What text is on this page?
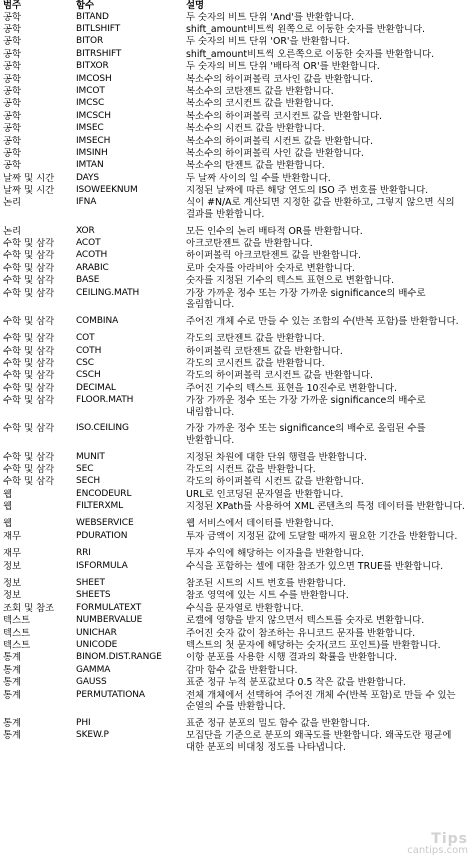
범주	함수	설명
공학	BITAND	두 숫자의 비트 단위 'And'를 반환합니다.
공학	BITLSHIFT	shift_amount비트씩 왼쪽으로 이동한 숫자를 반환합니다.
공학	BITOR	두 숫자의 비트 단위 'OR'을 반환합니다.
공학	BITRSHIFT	shift_amount비트씩 오른쪽으로 이동한 숫자를 반환합니다.
공학	BITXOR	두 숫자의 비트 단위 '배타적 OR'를 반환합니다.
공학	IMCOSH	복소수의 하이퍼볼릭 코사인 값을 반환합니다.
공학	IMCOT	복소수의 코탄젠트 값을 반환합니다.
공학	IMCSC	복소수의 코시컨트 값을 반환합니다.
공학	IMCSCH	복소수의 하이퍼볼릭 코시컨트 값을 반환합니다.
공학	IMSEC	복소수의 시컨트 값을 반환합니다.
공학	IMSECH	복소수의 하이퍼볼릭 시컨트 값을 반환합니다.
공학	IMSINH	복소수의 하이퍼볼릭 사인 값을 반환합니다.
공학	IMTAN	복소수의 탄젠트 값을 반환합니다.
날짜 및 시간	DAYS	두 날짜 사이의 일 수를 반환합니다.
날짜 및 시간	ISOWEEKNUM	지정된 날짜에 따른 해당 연도의 ISO 주 번호를 반환합니다.
논리	IFNA	식이 #N/A로 계산되면 지정한 값을 반환하고, 그렇지 않으면 식의 결과를 반환합니다.
논리	XOR	모든 인수의 논리 배타적 OR를 반환합니다.
수학 및 삼각	ACOT	아크코탄젠트 값을 반환합니다.
수학 및 삼각	ACOTH	하이퍼볼릭 아크코탄젠트 값을 반환합니다.
수학 및 삼각	ARABIC	로마 숫자를 아라비아 숫자로 변환합니다.
수학 및 삼각	BASE	숫자를 지정된 기수의 텍스트 표현으로 변환합니다.
수학 및 삼각	CEILING.MATH	가장 가까운 정수 또는 가장 가까운 significance의 배수로 올림합니다.
수학 및 삼각	COMBINA	주어진 개체 수로 만들 수 있는 조합의 수(반복 포함)를 반환합니다.
수학 및 삼각	COT	각도의 코탄젠트 값을 반환합니다.
수학 및 삼각	COTH	하이퍼볼릭 코탄젠트 값을 반환합니다.
수학 및 삼각	CSC	각도의 코시컨트 값을 반환합니다.
수학 및 삼각	CSCH	각도의 하이퍼볼릭 코시컨트 값을 반환합니다.
수학 및 삼각	DECIMAL	주어진 기수의 텍스트 표현을 10진수로 변환합니다.
수학 및 삼각	FLOOR.MATH	가장 가까운 정수 또는 가장 가까운 significance의 배수로 내림합니다.
수학 및 삼각	ISO.CEILING	가장 가까운 정수 또는 significance의 배수로 올림된 수를 반환합니다.
수학 및 삼각	MUNIT	지정된 차원에 대한 단위 행렬을 반환합니다.
수학 및 삼각	SEC	각도의 시컨트 값을 반환합니다.
수학 및 삼각	SECH	각도의 하이퍼볼릭 시컨트 값을 반환합니다.
웹	ENCODEURL	URL로 인코딩된 문자열을 반환합니다.
웹	FILTERXML	지정된 XPath를 사용하여 XML 콘텐츠의 특정 데이터를 반환합니다.
웹	WEBSERVICE	웹 서비스에서 데이터를 반환합니다.
재무	PDURATION	투자 금액이 지정된 값에 도달할 때까지 필요한 기간을 반환합니다.
재무	RRI	투자 수익에 해당하는 이자율을 반환합니다.
정보	ISFORMULA	수식을 포함하는 셀에 대한 참조가 있으면 TRUE를 반환합니다.
정보	SHEET	참조된 시트의 시트 번호를 반환합니다.
정보	SHEETS	참조 영역에 있는 시트 수를 반환합니다.
조회 및 참조	FORMULATEXT	수식을 문자열로 반환합니다.
텍스트	NUMBERVALUE	로캘에 영향을 받지 않으면서 텍스트를 숫자로 변환합니다.
텍스트	UNICHAR	주어진 숫자 값이 참조하는 유니코드 문자를 반환합니다.
텍스트	UNICODE	텍스트의 첫 문자에 해당하는 숫자(코드 포인트)를 반환합니다.
통계	BINOM.DIST.RANGE	이항 분포를 사용한 시행 결과의 확률을 반환합니다.
통계	GAMMA	감마 함수 값을 반환합니다.
통계	GAUSS	표준 정규 누적 분포값보다 0.5 작은 값을 반환합니다.
통계	PERMUTATIONA	전체 개체에서 선택하여 주어진 개체 수(반복 포함)로 만들 수 있는 순열의 수를 반환합니다.
통계	PHI	표준 정규 분포의 밀도 함수 값을 반환합니다.
통계	SKEW.P	모집단을 기준으로 분포의 왜곡도를 반환합니다. 왜곡도란 평균에 대한 분포의 비대칭 정도를 나타냅니다.
Tips
cantips.com
